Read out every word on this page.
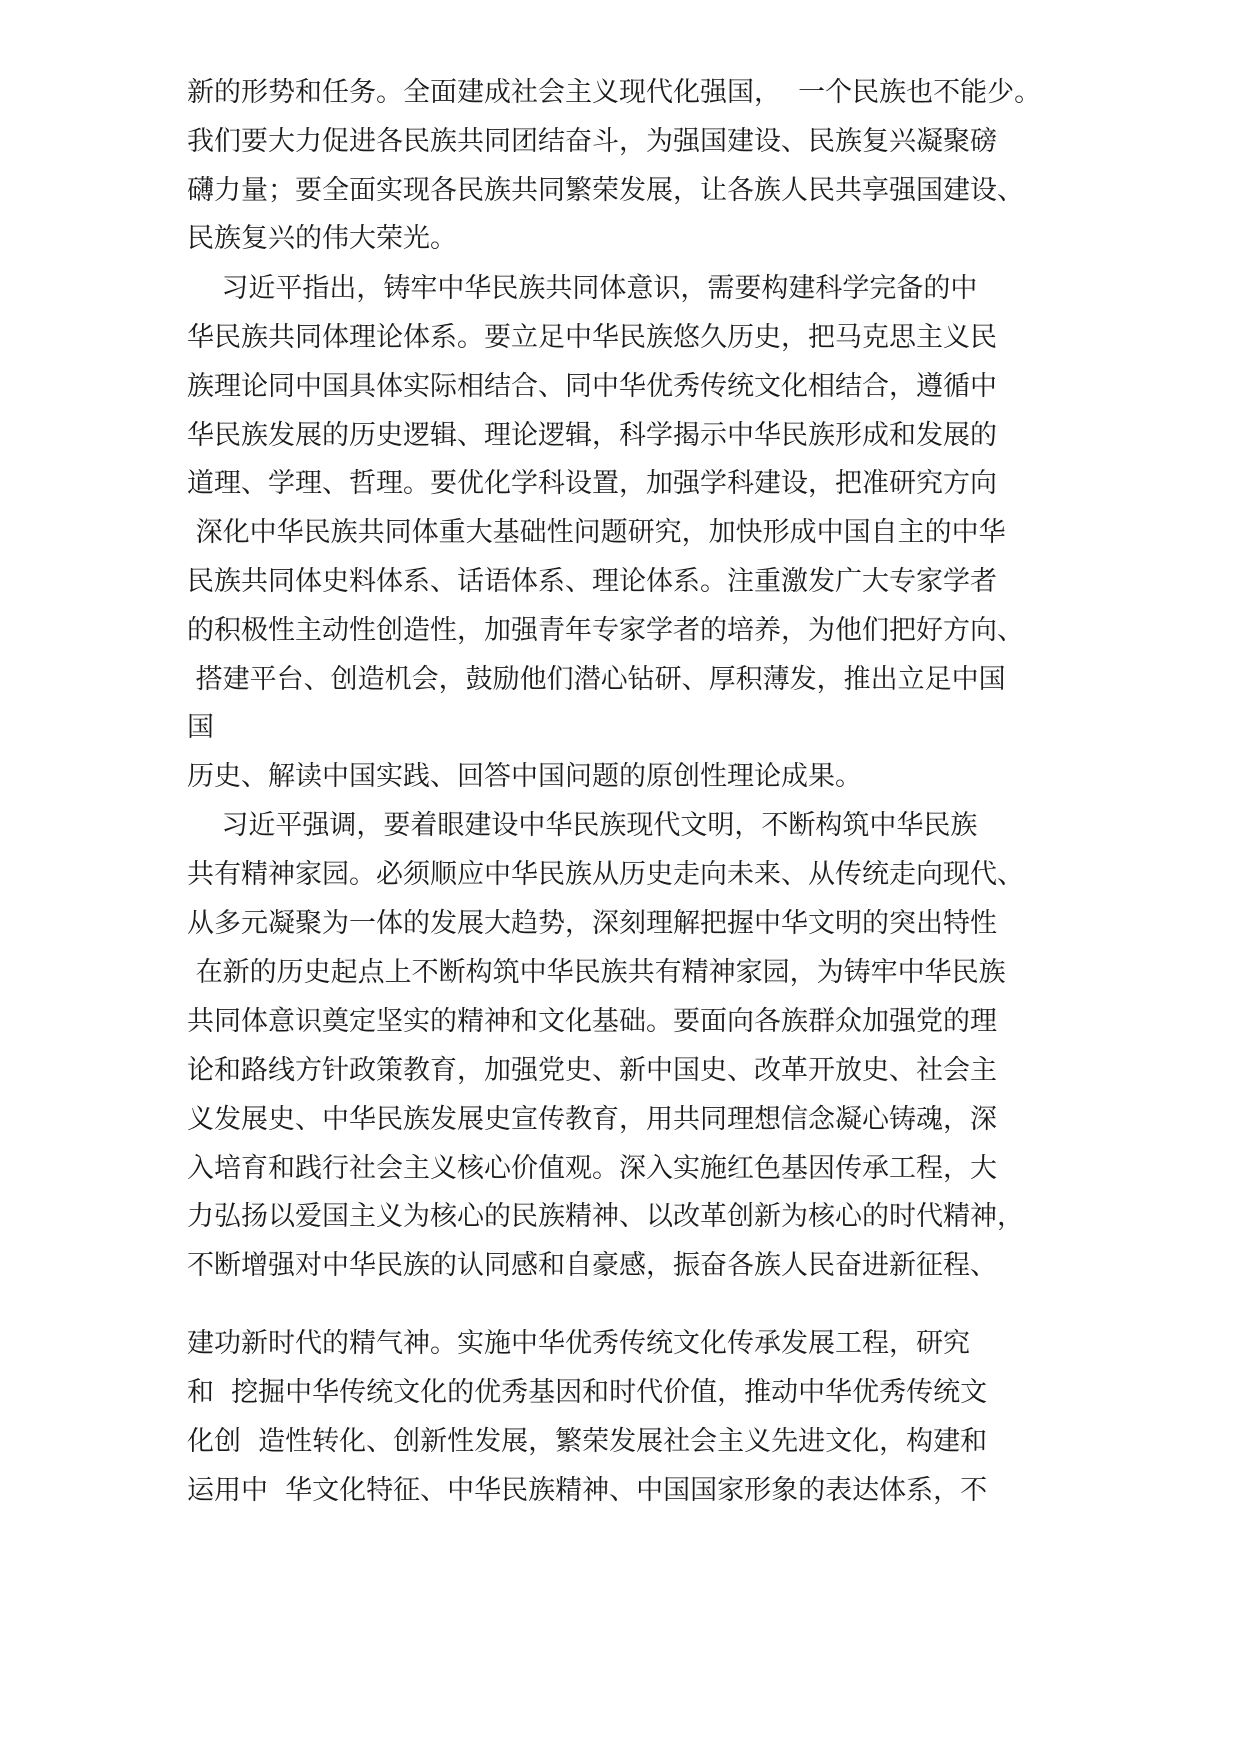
新的形势和任务。全面建成社会主义现代化强国，  一个民族也不能少。
我们要大力促进各民族共同团结奋斗，为强国建设、民族复兴凝聚磅
礴力量；要全面实现各民族共同繁荣发展，让各族人民共享强国建设、
民族复兴的伟大荣光。
习近平指出，铸牢中华民族共同体意识，需要构建科学完备的中
华民族共同体理论体系。要立足中华民族悠久历史，把马克思主义民
族理论同中国具体实际相结合、同中华优秀传统文化相结合，遵循中
华民族发展的历史逻辑、理论逻辑，科学揭示中华民族形成和发展的
道理、学理、哲理。要优化学科设置，加强学科建设，把准研究方向
深化中华民族共同体重大基础性问题研究，加快形成中国自主的中华
民族共同体史料体系、话语体系、理论体系。注重激发广大专家学者
的积极性主动性创造性，加强青年专家学者的培养，为他们把好方向、
搭建平台、创造机会，鼓励他们潜心钻研、厚积薄发，推出立足中国
国
历史、解读中国实践、回答中国问题的原创性理论成果。
习近平强调，要着眼建设中华民族现代文明，不断构筑中华民族
共有精神家园。必须顺应中华民族从历史走向未来、从传统走向现代、
从多元凝聚为一体的发展大趋势，深刻理解把握中华文明的突出特性
在新的历史起点上不断构筑中华民族共有精神家园，为铸牢中华民族
共同体意识奠定坚实的精神和文化基础。要面向各族群众加强党的理
论和路线方针政策教育，加强党史、新中国史、改革开放史、社会主
义发展史、中华民族发展史宣传教育，用共同理想信念凝心铸魂，深
入培育和践行社会主义核心价值观。深入实施红色基因传承工程，大
力弘扬以爱国主义为核心的民族精神、以改革创新为核心的时代精神，
不断增强对中华民族的认同感和自豪感，振奋各族人民奋进新征程、
建功新时代的精气神。实施中华优秀传统文化传承发展工程，研究
和  挖掘中华传统文化的优秀基因和时代价值，推动中华优秀传统文
化创  造性转化、创新性发展，繁荣发展社会主义先进文化，构建和
运用中  华文化特征、中华民族精神、中国国家形象的表达体系，不
